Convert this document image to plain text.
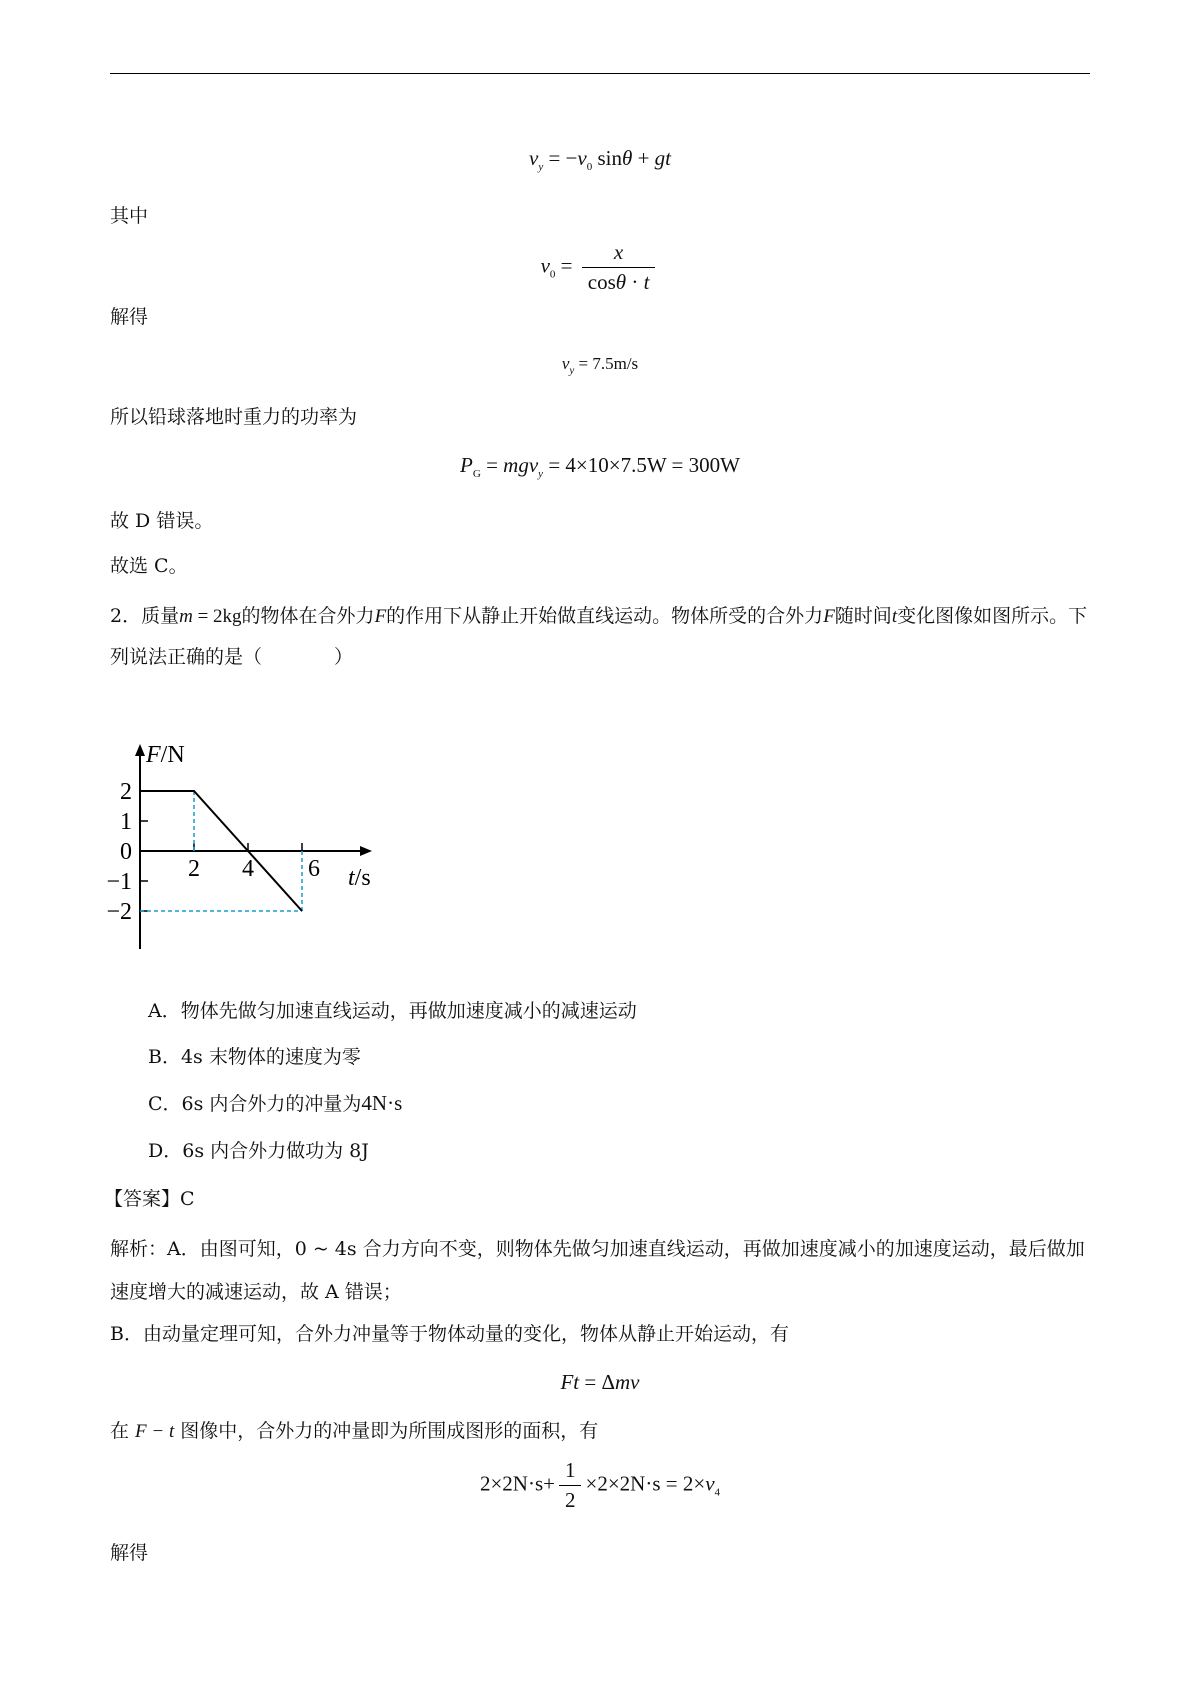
$v_y = -v_0$ sinθ + gt
其中
$v_0 = \frac{x}{\cos\theta \cdot t}$
解得
$v_y = 7.5m/s$
所以铅球落地时重力的功率为
$P_G = mgv_y = 4\times 10\times 7.5W = 300W$
故 D 错误。
故选 C。
2．质量m = 2kg的物体在合外力F的作用下从静止开始做直线运动。物体所受的合外力F随时间t变化图像如图所示。下列说法正确的是（	）
F/N
t/s
2
1
0
−1
−2
2 4 6
A．物体先做匀加速直线运动，再做加速度减小的减速运动
B．4s 末物体的速度为零
C．6s 内合外力的冲量为4N·s
D．6s 内合外力做功为 8J
【答案】C
解析：A．由图可知，0 ~ 4s 合力方向不变，则物体先做匀加速直线运动，再做加速度减小的加速度运动，最后做加速度增大的减速运动，故 A 错误；
B．由动量定理可知，合外力冲量等于物体动量的变化，物体从静止开始运动，有
Ft = Δmv
在 F − t 图像中，合外力的冲量即为所围成图形的面积，有
$2\times 2N\cdot s+ \frac{1}{2} \times 2\times 2N\cdot s = 2\times v_4$
解得
